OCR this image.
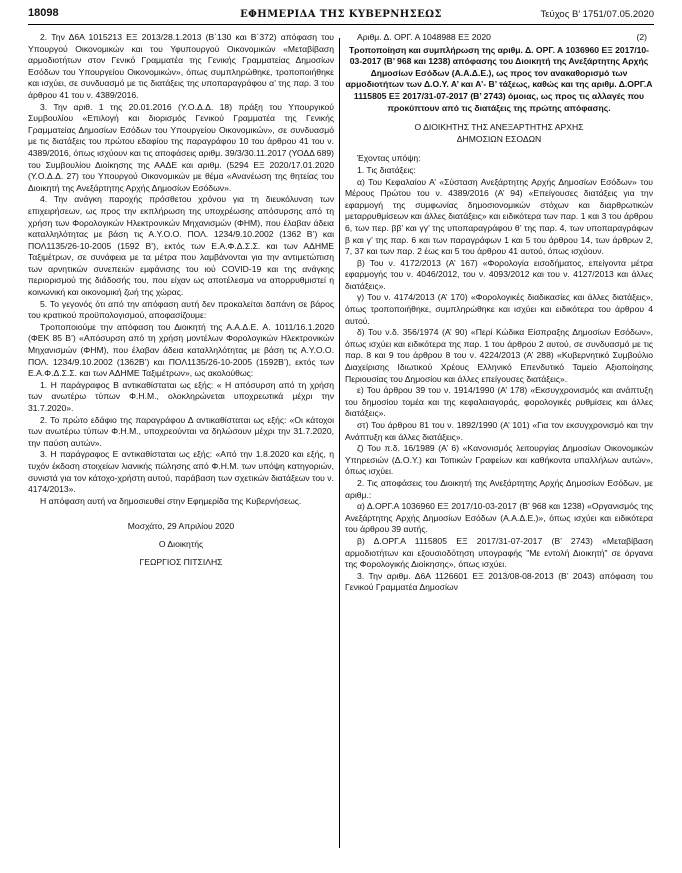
18098	ΕΦΗΜΕΡΙΔΑ ΤΗΣ ΚΥΒΕΡΝΗΣΕΩΣ	Τεύχος Β’ 1751/07.05.2020

2. Την Δ6Α 1015213 ΕΞ 2013/28.1.2013 (Β΄130 και Β΄372) απόφαση του Υπουργού Οικονομικών και του Υφυπουργού Οικονομικών «Μεταβίβαση αρμοδιοτήτων στον Γενικό Γραμματέα της Γενικής Γραμματείας Δημοσίων Εσόδων του Υπουργείου Οικονομικών», όπως συμπληρώθηκε, τροποποιήθηκε και ισχύει, σε συνδυασμό με τις διατάξεις της υποπαραγράφου α’ της παρ. 3 του άρθρου 41 του ν. 4389/2016.

3. Την αριθ. 1 της 20.01.2016 (Υ.Ο.Δ.Δ. 18) πράξη του Υπουργικού Συμβουλίου «Επιλογή και διορισμός Γενικού Γραμματέα της Γενικής Γραμματείας Δημοσίων Εσόδων του Υπουργείου Οικονομικών», σε συνδυασμό με τις διατάξεις του πρώτου εδαφίου της παραγράφου 10 του άρθρου 41 του ν. 4389/2016, όπως ισχύουν και τις αποφάσεις αριθμ. 39/3/30.11.2017 (ΥΟΔΔ 689) του Συμβουλίου Διοίκησης της ΑΑΔΕ και αριθμ. (5294 ΕΞ 2020/17.01.2020 (Υ.Ο.Δ.Δ. 27) του Υπουργού Οικονομικών με θέμα «Ανανέωση της θητείας του Διοικητή της Ανεξάρτητης Αρχής Δημοσίων Εσόδων».

4. Την ανάγκη παροχής πρόσθετου χρόνου για τη διευκόλυνση των επιχειρήσεων, ως προς την εκπλήρωση της υποχρέωσης απόσυρσης από τη χρήση των Φορολογικών Ηλεκτρονικών Μηχανισμών (ΦΗΜ), που έλαβαν άδεια καταλληλότητας με βάση τις Α.Υ.Ο.Ο. ΠΟΛ. 1234/9.10.2002 (1362 Β’) και ΠΟΛ1135/26-10-2005 (1592 Β’), εκτός των Ε.Α.Φ.Δ.Σ.Σ. και των ΑΔΗΜΕ Ταξιμέτρων, σε συνάφεια με τα μέτρα που λαμβάνονται για την αντιμετώπιση των αρνητικών συνεπειών εμφάνισης του ιού COVID-19 και της ανάγκης περιορισμού της διάδοσής του, που είχαν ως αποτέλεσμα να απορρυθμιστεί η κοινωνική και οικονομική ζωή της χώρας.

5. Το γεγονός ότι από την απόφαση αυτή δεν προκαλείται δαπάνη σε βάρος του κρατικού προϋπολογισμού, αποφασίζουμε:

Τροποποιούμε την απόφαση του Διοικητή της Α.Α.Δ.Ε. Α. 1011/16.1.2020 (ΦΕΚ 85 Β’) «Απόσυρση από τη χρήση μοντέλων Φορολογικών Ηλεκτρονικών Μηχανισμών (ΦΗΜ), που έλαβαν άδεια καταλληλότητας με βάση τις Α.Υ.Ο.Ο. ΠΟΛ. 1234/9.10.2002 (1362Β’) και ΠΟΛ1135/26-10-2005 (1592Β’), εκτός των Ε.Α.Φ.Δ.Σ.Σ. και των ΑΔΗΜΕ Ταξιμέτρων», ως ακολούθως:

1. Η παράγραφος Β αντικαθίσταται ως εξής: « Η απόσυρση από τη χρήση των ανωτέρω τύπων Φ.Η.Μ., ολοκληρώνεται υποχρεωτικά μέχρι την 31.7.2020».

2. Το πρώτο εδάφιο της παραγράφου Δ αντικαθίσταται ως εξής: «Οι κάτοχοι των ανωτέρω τύπων Φ.Η.Μ., υποχρεούνται να δηλώσουν μέχρι την 31.7.2020, την παύση αυτών».

3. Η παράγραφος Ε αντικαθίσταται ως εξής: «Από την 1.8.2020 και εξής, η τυχόν έκδοση στοιχείων λιανικής πώλησης από Φ.Η.Μ. των υπόψη κατηγοριών, συνιστά για τον κάτοχο-χρήστη αυτού, παράβαση των σχετικών διατάξεων του ν. 4174/2013».

Η απόφαση αυτή να δημοσιευθεί στην Εφημερίδα της Κυβερνήσεως.

Μοσχάτο, 29 Απριλίου 2020

Ο Διοικητής

ΓΕΩΡΓΙΟΣ ΠΙΤΣΙΛΗΣ

Αριθμ. Δ. ΟΡΓ. Α 1048988 ΕΞ 2020	(2)

Τροποποίηση και συμπλήρωση της αριθμ. Δ. ΟΡΓ. Α 1036960 ΕΞ 2017/10-03-2017 (Β’ 968 και 1238) απόφασης του Διοικητή της Ανεξάρτητης Αρχής Δημοσίων Εσόδων (Α.Α.Δ.Ε.), ως προς τον ανακαθορισμό των αρμοδιοτήτων των Δ.Ο.Υ. Α’ και Α’- Β’ τάξεως, καθώς και της αριθμ. Δ.ΟΡΓ.Α 1115805 ΕΞ 2017/31-07-2017 (Β’ 2743) όμοιας, ως προς τις αλλαγές που προκύπτουν από τις διατάξεις της πρώτης απόφασης.

Ο ΔΙΟΙΚΗΤΗΣ ΤΗΣ ΑΝΕΞΑΡΤΗΤΗΣ ΑΡΧΗΣ

ΔΗΜΟΣΙΩΝ ΕΣΟΔΩΝ

Έχοντας υπόψη:

1. Τις διατάξεις:

α) Του Κεφαλαίου Α’ «Σύσταση Ανεξάρτητης Αρχής Δημοσίων Εσόδων» του Μέρους Πρώτου του ν. 4389/2016 (Α’ 94) «Επείγουσες διατάξεις για την εφαρμογή της συμφωνίας δημοσιονομικών στόχων και διαρθρωτικών μεταρρυθμίσεων και άλλες διατάξεις» και ειδικότερα των παρ. 1 και 3 του άρθρου 6, των περ. ββ’ και γγ’ της υποπαραγράφου θ’ της παρ. 4, των υποπαραγράφων β και γ’ της παρ. 6 και των παραγράφων 1 και 5 του άρθρου 14, των άρθρων 2, 7, 37 και των παρ. 2 έως και 5 του άρθρου 41 αυτού, όπως ισχύουν.

β) Του ν. 4172/2013 (Α’ 167) «Φορολογία εισοδήματος, επείγοντα μέτρα εφαρμογής του ν. 4046/2012, του ν. 4093/2012 και του ν. 4127/2013 και άλλες διατάξεις».

γ) Του ν. 4174/2013 (Α’ 170) «Φορολογικές διαδικασίες και άλλες διατάξεις», όπως τροποποιήθηκε, συμπληρώθηκε και ισχύει και ειδικότερα του άρθρου 4 αυτού.

δ) Του ν.δ. 356/1974 (Α’ 90) «Περί Κώδικα Είσπραξης Δημοσίων Εσόδων», όπως ισχύει και ειδικότερα της παρ. 1 του άρθρου 2 αυτού, σε συνδυασμό με τις παρ. 8 και 9 του άρθρου 8 του ν. 4224/2013 (Α’ 288) «Κυβερνητικό Συμβούλιο Διαχείρισης Ιδιωτικού Χρέους Ελληνικό Επενδυτικό Ταμείο Αξιοποίησης Περιουσίας του Δημοσίου και άλλες επείγουσες διατάξεις».

ε) Του άρθρου 39 του ν. 1914/1990 (Α’ 178) «Εκσυγχρονισμός και ανάπτυξη του δημοσίου τομέα και της κεφαλαιαγοράς, φορολογικές ρυθμίσεις και άλλες διατάξεις».

στ) Του άρθρου 81 του ν. 1892/1990 (Α’ 101) «Για τον εκσυγχρονισμό και την Ανάπτυξη και άλλες διατάξεις».

ζ) Του π.δ. 16/1989 (Α’ 6) «Κανονισμός λειτουργίας Δημοσίων Οικονομικών Υπηρεσιών (Δ.Ο.Υ.) και Τοπικών Γραφείων και καθήκοντα υπαλλήλων αυτών», όπως ισχύει.

2. Τις αποφάσεις του Διοικητή της Ανεξάρτητης Αρχής Δημοσίων Εσόδων, με αριθμ.:

α) Δ.ΟΡΓ.Α 1036960 ΕΞ 2017/10-03-2017 (Β’ 968 και 1238) «Οργανισμός της Ανεξάρτητης Αρχής Δημοσίων Εσόδων (Α.Α.Δ.Ε.)», όπως ισχύει και ειδικότερα του άρθρου 39 αυτής.

β) Δ.ΟΡΓ.Α 1115805 ΕΞ 2017/31-07-2017 (Β’ 2743) «Μεταβίβαση αρμοδιοτήτων και εξουσιοδότηση υπογραφής "Με εντολή Διοικητή" σε όργανα της Φορολογικής Διοίκησης», όπως ισχύει.

3. Την αριθμ. Δ6Α 1126601 ΕΞ 2013/08-08-2013 (Β’ 2043) απόφαση του Γενικού Γραμματέα Δημοσίων
